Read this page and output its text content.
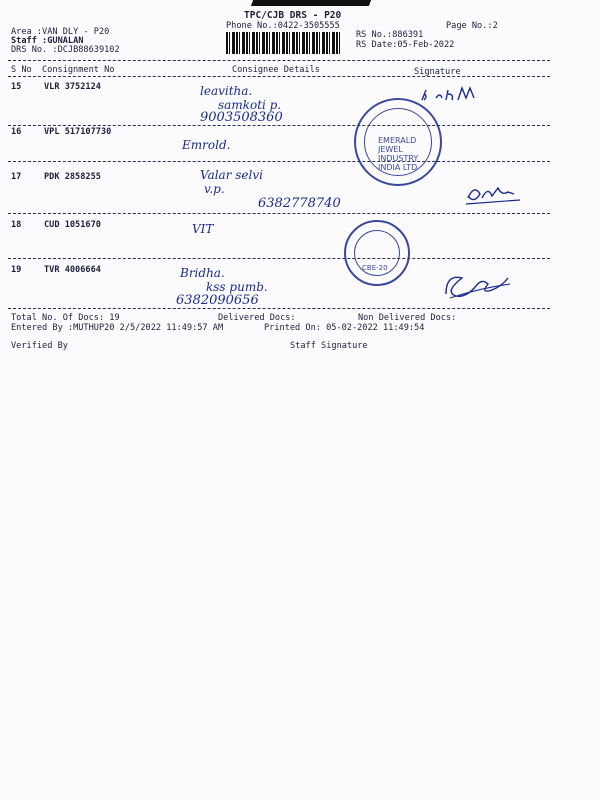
TPC/CJB DRS - P20
Phone No.:0422-3505555
Area :VAN DLY - P20
Staff :GUNALAN
DRS No. :DCJB88639102
RS No.:886391
RS Date:05-Feb-2022
Page No.:2
S No Consignment No	Consignee Details	Signature
15	VLR 3752124	leavitha.
samkoti p.
9003508360
16	VPL 517107730
Emrold.
17	PDK 2858255	Valar selvi
v.p.
6382778740
18	CUD 1051670	VIT
19	TVR 4006664	Bridha.
kss pumb.
6382090656
EMERALD JEWEL INDUSTRY INDIA LTD
CBE-20
Total No. Of Docs: 19	Delivered Docs:	Non Delivered Docs:
Entered By :MUTHUP20 2/5/2022 11:49:57 AM	Printed On: 05-02-2022 11:49:54
Verified By	Staff Signature
